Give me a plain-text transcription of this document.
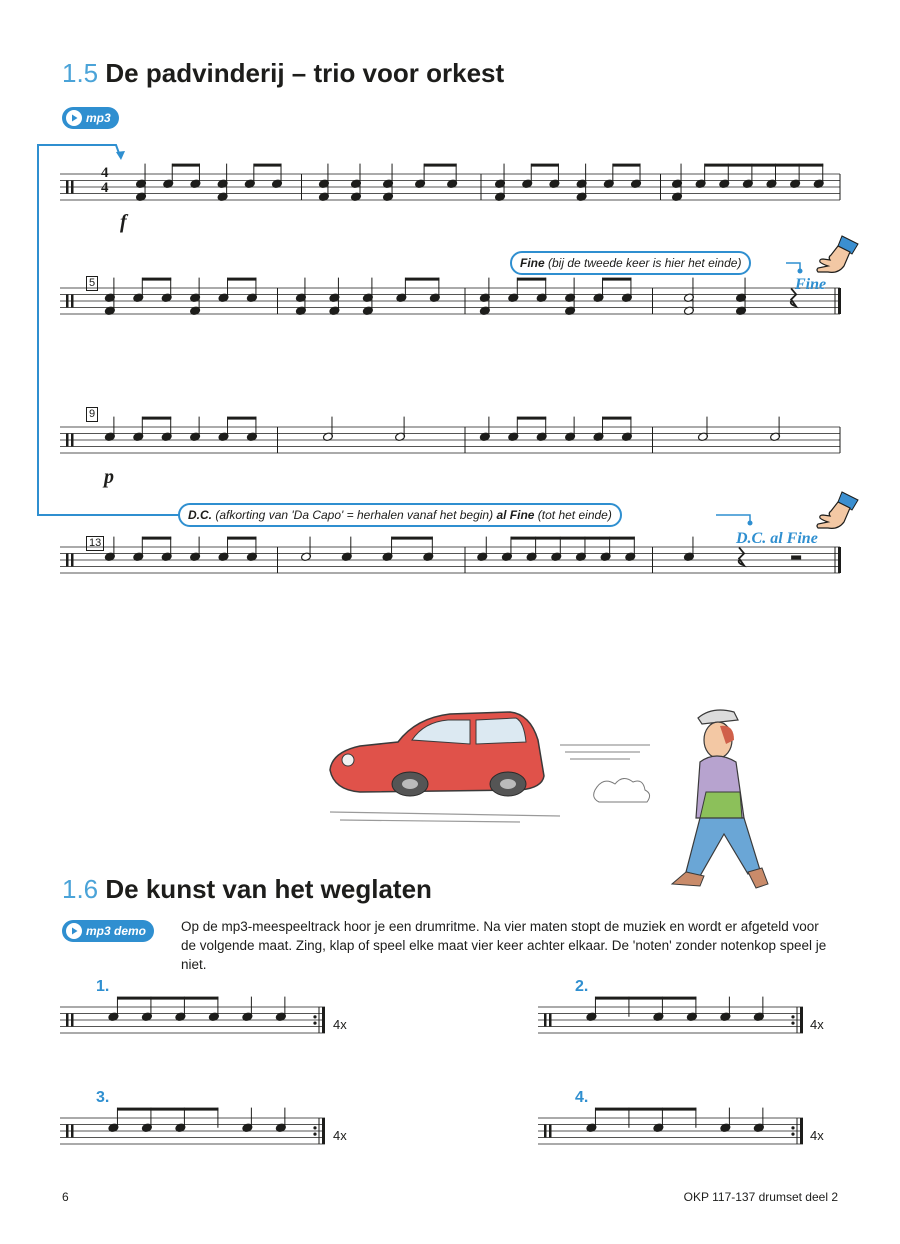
1.5 De padvinderij – trio voor orkest
mp3
5
9
13
f
p
4
4
Fine (bij de tweede keer is hier het einde)
Fine
D.C. (afkorting van 'Da Capo' = herhalen vanaf het begin) al Fine (tot het einde)
D.C. al Fine
1.6 De kunst van het weglaten
mp3 demo	Op de mp3-meespeeltrack hoor je een drumritme. Na vier maten stopt de muziek en wordt er afgeteld voor de volgende maat. Zing, klap of speel elke maat vier keer achter elkaar. De 'noten' zonder notenkop speel je niet.
1.	2.
3.	4.
4x	4x
4x	4x
6	OKP 117-137 drumset deel 2
